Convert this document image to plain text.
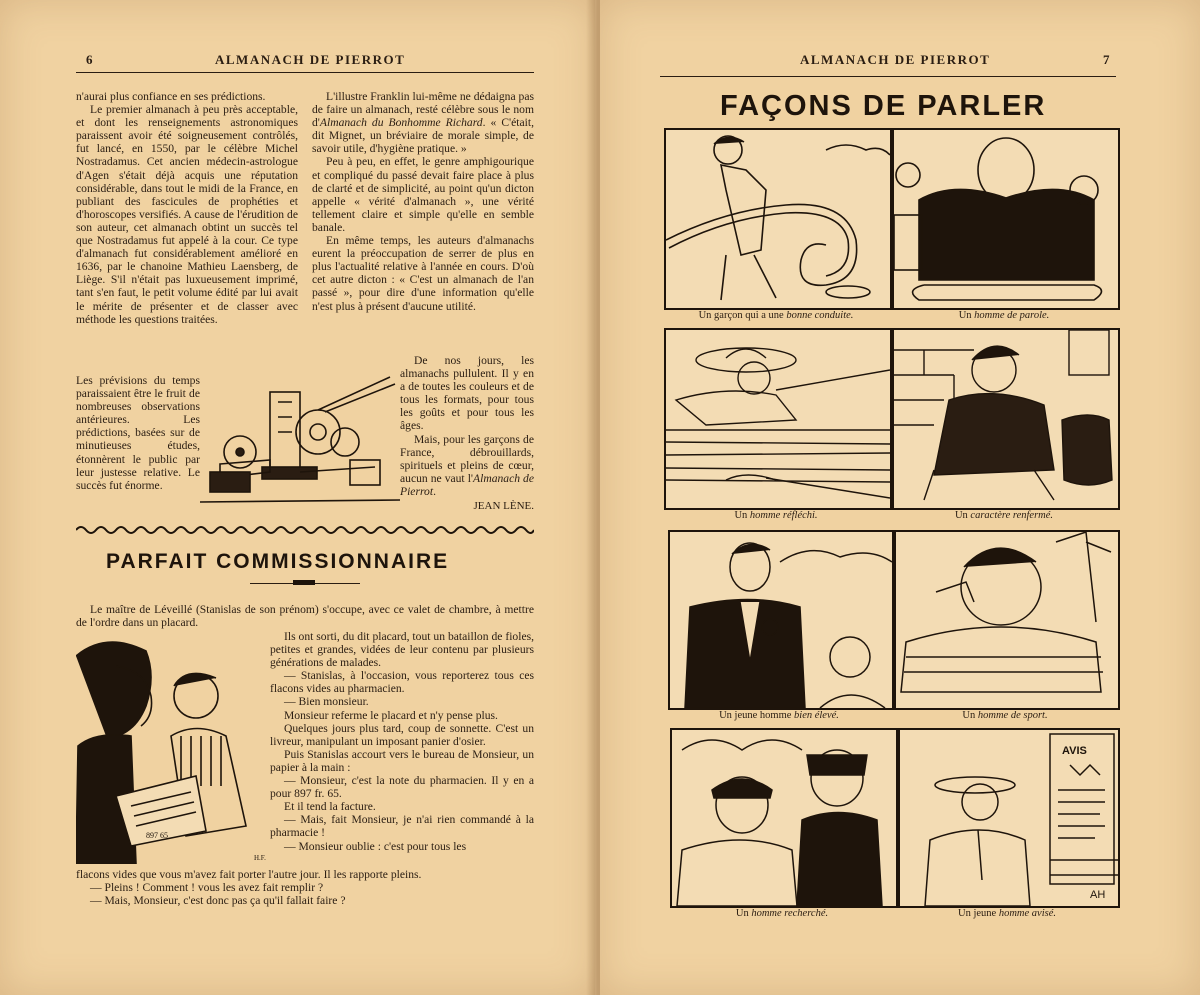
6	ALMANACH DE PIERROT

n'aurai plus confiance en ses prédictions.

Le premier almanach à peu près acceptable, et dont les renseignements astronomiques paraissent avoir été soigneusement contrôlés, fut lancé, en 1550, par le célèbre Michel Nostradamus. Cet ancien médecin-astrologue d'Agen s'était déjà acquis une réputation considérable, dans tout le midi de la France, en publiant des fascicules de prophéties et d'horoscopes versifiés. A cause de l'érudition de son auteur, cet almanach obtint un succès tel que Nostradamus fut appelé à la cour. Ce type d'almanach fut considérablement amélioré en 1636, par le chanoine Mathieu Laensberg, de Liège. S'il n'était pas luxueusement imprimé, tant s'en faut, le petit volume édité par lui avait le mérite de présenter et de classer avec méthode les questions traitées.

Les prévisions du temps paraissaient être le fruit de nombreuses observations antérieures. Les prédictions, basées sur de minutieuses études, étonnèrent le public par leur justesse relative. Le succès fut énorme.

L'illustre Franklin lui-même ne dédaigna pas de faire un almanach, resté célèbre sous le nom d'Almanach du Bonhomme Richard. « C'était, dit Mignet, un bréviaire de morale simple, de savoir utile, d'hygiène pratique. »

Peu à peu, en effet, le genre amphigourique et compliqué du passé devait faire place à plus de clarté et de simplicité, au point qu'un dicton appelle « vérité d'almanach », une vérité tellement claire et simple qu'elle en semble banale.

En même temps, les auteurs d'almanachs eurent la préoccupation de serrer de plus en plus l'actualité relative à l'année en cours. D'où cet autre dicton : « C'est un almanach de l'an passé », pour dire d'une information qu'elle n'est plus à présent d'aucune utilité.

De nos jours, les almanachs pullulent. Il y en a de toutes les couleurs et de tous les formats, pour tous les goûts et pour tous les âges.

Mais, pour les garçons de France, débrouillards, spirituels et pleins de cœur, aucun ne vaut l'Almanach de Pierrot.

JEAN LÈNE.

PARFAIT COMMISSIONNAIRE

Le maître de Léveillé (Stanislas de son prénom) s'occupe, avec ce valet de chambre, à mettre de l'ordre dans un placard.

Ils ont sorti, du dit placard, tout un bataillon de fioles, petites et grandes, vidées de leur contenu par plusieurs générations de malades.

— Stanislas, à l'occasion, vous reporterez tous ces flacons vides au pharmacien.

— Bien monsieur.

Monsieur referme le placard et n'y pense plus.

Quelques jours plus tard, coup de sonnette. C'est un livreur, manipulant un imposant panier d'osier.

Puis Stanislas accourt vers le bureau de Monsieur, un papier à la main :

— Monsieur, c'est la note du pharmacien. Il y en a pour 897 fr. 65.

Et il tend la facture.

— Mais, fait Monsieur, je n'ai rien commandé à la pharmacie !

— Monsieur oublie : c'est pour tous les

flacons vides que vous m'avez fait porter l'autre jour. Il les rapporte pleins.

— Pleins ! Comment ! vous les avez fait remplir ?

— Mais, Monsieur, c'est donc pas ça qu'il fallait faire ?

897 65
H.F.
ALMANACH DE PIERROT	7
FAÇONS DE PARLER
Un garçon qui a une bonne conduite.	Un homme de parole.
Un homme réfléchi.	Un caractère renfermé.
Un jeune homme bien élevé.	Un homme de sport.
AVIS
AH
Un homme recherché.	Un jeune homme avisé.
